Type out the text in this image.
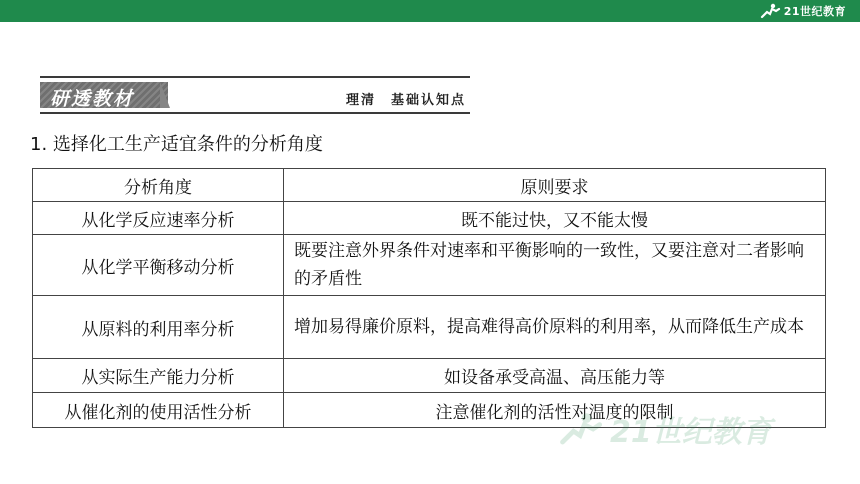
21世纪教育
研透教材	理清　基础认知点
1. 选择化工生产适宜条件的分析角度
分析角度	原则要求
从化学反应速率分析	既不能过快，又不能太慢
从化学平衡移动分析	既要注意外界条件对速率和平衡影响的一致性，又要注意对二者影响的矛盾性
从原料的利用率分析	增加易得廉价原料，提高难得高价原料的利用率，从而降低生产成本
从实际生产能力分析	如设备承受高温、高压能力等
从催化剂的使用活性分析	注意催化剂的活性对温度的限制
21世纪教育
